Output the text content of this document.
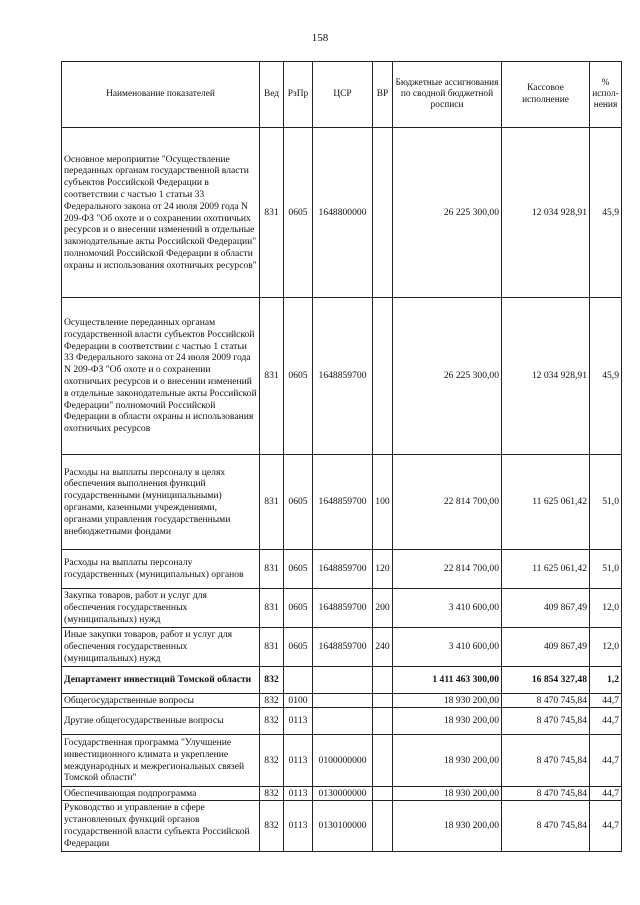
158
Наименование показателей	Вед	РзПр	ЦСР	ВР	Бюджетные ассигнования по сводной бюджетной росписи	Кассовое исполнение	% испол-нения
Основное мероприятие "Осуществление переданных органам государственной власти субъектов Российской Федерации в соответствии с частью 1 статьи 33 Федерального закона от 24 июля 2009 года N 209-ФЗ "Об охоте и о сохранении охотничьих ресурсов и о внесении изменений в отдельные законодательные акты Российской Федерации" полномочий Российской Федерации в области охраны и использования охотничьих ресурсов"	831	0605	1648800000		26 225 300,00	12 034 928,91	45,9
Осуществление переданных органам государственной власти субъектов Российской Федерации в соответствии с частью 1 статьи 33 Федерального закона от 24 июля 2009 года N 209-ФЗ "Об охоте и о сохранении охотничьих ресурсов и о внесении изменений в отдельные законодательные акты Российской Федерации" полномочий Российской Федерации в области охраны и использования охотничьих ресурсов	831	0605	1648859700		26 225 300,00	12 034 928,91	45,9
Расходы на выплаты персоналу в целях обеспечения выполнения функций государственными (муниципальными) органами, казенными учреждениями, органами управления государственными внебюджетными фондами	831	0605	1648859700	100	22 814 700,00	11 625 061,42	51,0
Расходы на выплаты персоналу государственных (муниципальных) органов	831	0605	1648859700	120	22 814 700,00	11 625 061,42	51,0
Закупка товаров, работ и услуг для обеспечения государственных (муниципальных) нужд	831	0605	1648859700	200	3 410 600,00	409 867,49	12,0
Иные закупки товаров, работ и услуг для обеспечения государственных (муниципальных) нужд	831	0605	1648859700	240	3 410 600,00	409 867,49	12,0
Департамент инвестиций Томской области	832				1 411 463 300,00	16 854 327,48	1,2
Общегосударственные вопросы	832	0100			18 930 200,00	8 470 745,84	44,7
Другие общегосударственные вопросы	832	0113			18 930 200,00	8 470 745,84	44,7
Государственная программа "Улучшение инвестиционного климата и укрепление международных и межрегиональных связей Томской области"	832	0113	0100000000		18 930 200,00	8 470 745,84	44,7
Обеспечивающая подпрограмма	832	0113	0130000000		18 930 200,00	8 470 745,84	44,7
Руководство и управление в сфере установленных функций органов государственной власти субъекта Российской Федерации	832	0113	0130100000		18 930 200,00	8 470 745,84	44,7
